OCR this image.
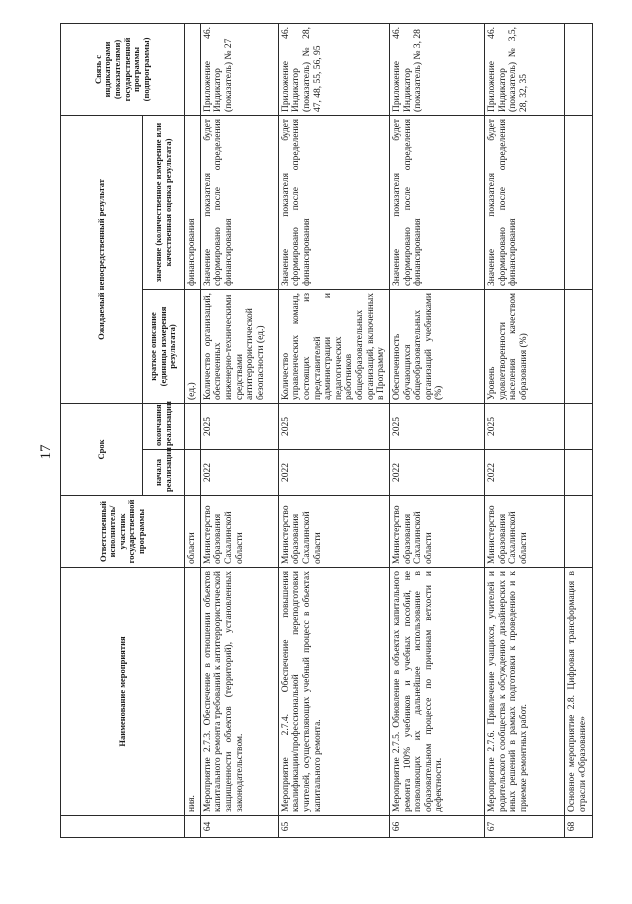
17
	Наименование мероприятия	Ответственный исполнитель/участник государственной программы	Срок		Ожидаемый непосредственный результат		Связь с индикаторами (показателями) государственной программы (подпрограммы)
			начала реализации	окончания реализации	краткое описание (единицы измерения результата)	значение (количественное измерение или качественная оценка результата)	
	ния.	области			(ед.)	финансирования	
64	Мероприятие 2.7.3. Обеспечение в отношении объектов капитального ремонта требований к антитеррористической защищенности объектов (территорий), установленных законодательством.	Министерство образования Сахалинской области	2022	2025	Количество организаций, обеспеченных инженерно-техническими средствами антитеррористической безопасности (ед.)	Значение показателя будет сформировано после определения финансирования	Приложение 46. Индикатор (показатель) № 27
65	Мероприятие 2.7.4. Обеспечение повышения квалификации/профессиональной переподготовки учителей, осуществляющих учебный процесс в объектах капитального ремонта.	Министерство образования Сахалинской области	2022	2025	Количество управленческих команд, состоящих из представителей администрации и педагогических работников общеобразовательных организаций, включенных в Программу	Значение показателя будет сформировано после определения финансирования	Приложение 46. Индикатор (показатель) № 28, 47, 48, 55, 56, 95
66	Мероприятие 2.7.5. Обновление в объектах капитального ремонта 100% учебников и учебных пособий, не позволяющих их дальнейшее использование в образовательном процессе по причинам ветхости и дефектности.	Министерство образования Сахалинской области	2022	2025	Обеспеченность обучающихся общеобразовательных организаций учебниками (%)	Значение показателя будет сформировано после определения финансирования	Приложение 46. Индикатор (показатель) № 3, 28
67	Мероприятие 2.7.6. Привлечение учащихся, учителей и родительского сообщества к обсуждению дизайнерских и иных решений в рамках подготовки к проведению и к приемке ремонтных работ.	Министерство образования Сахалинской области	2022	2025	Уровень удовлетворенности населения качеством образования (%)	Значение показателя будет сформировано после определения финансирования	Приложение 46. Индикатор (показатель) № 3,5, 28, 32, 35
68	Основное мероприятие 2.8. Цифровая трансформация в отрасли «Образование»						
